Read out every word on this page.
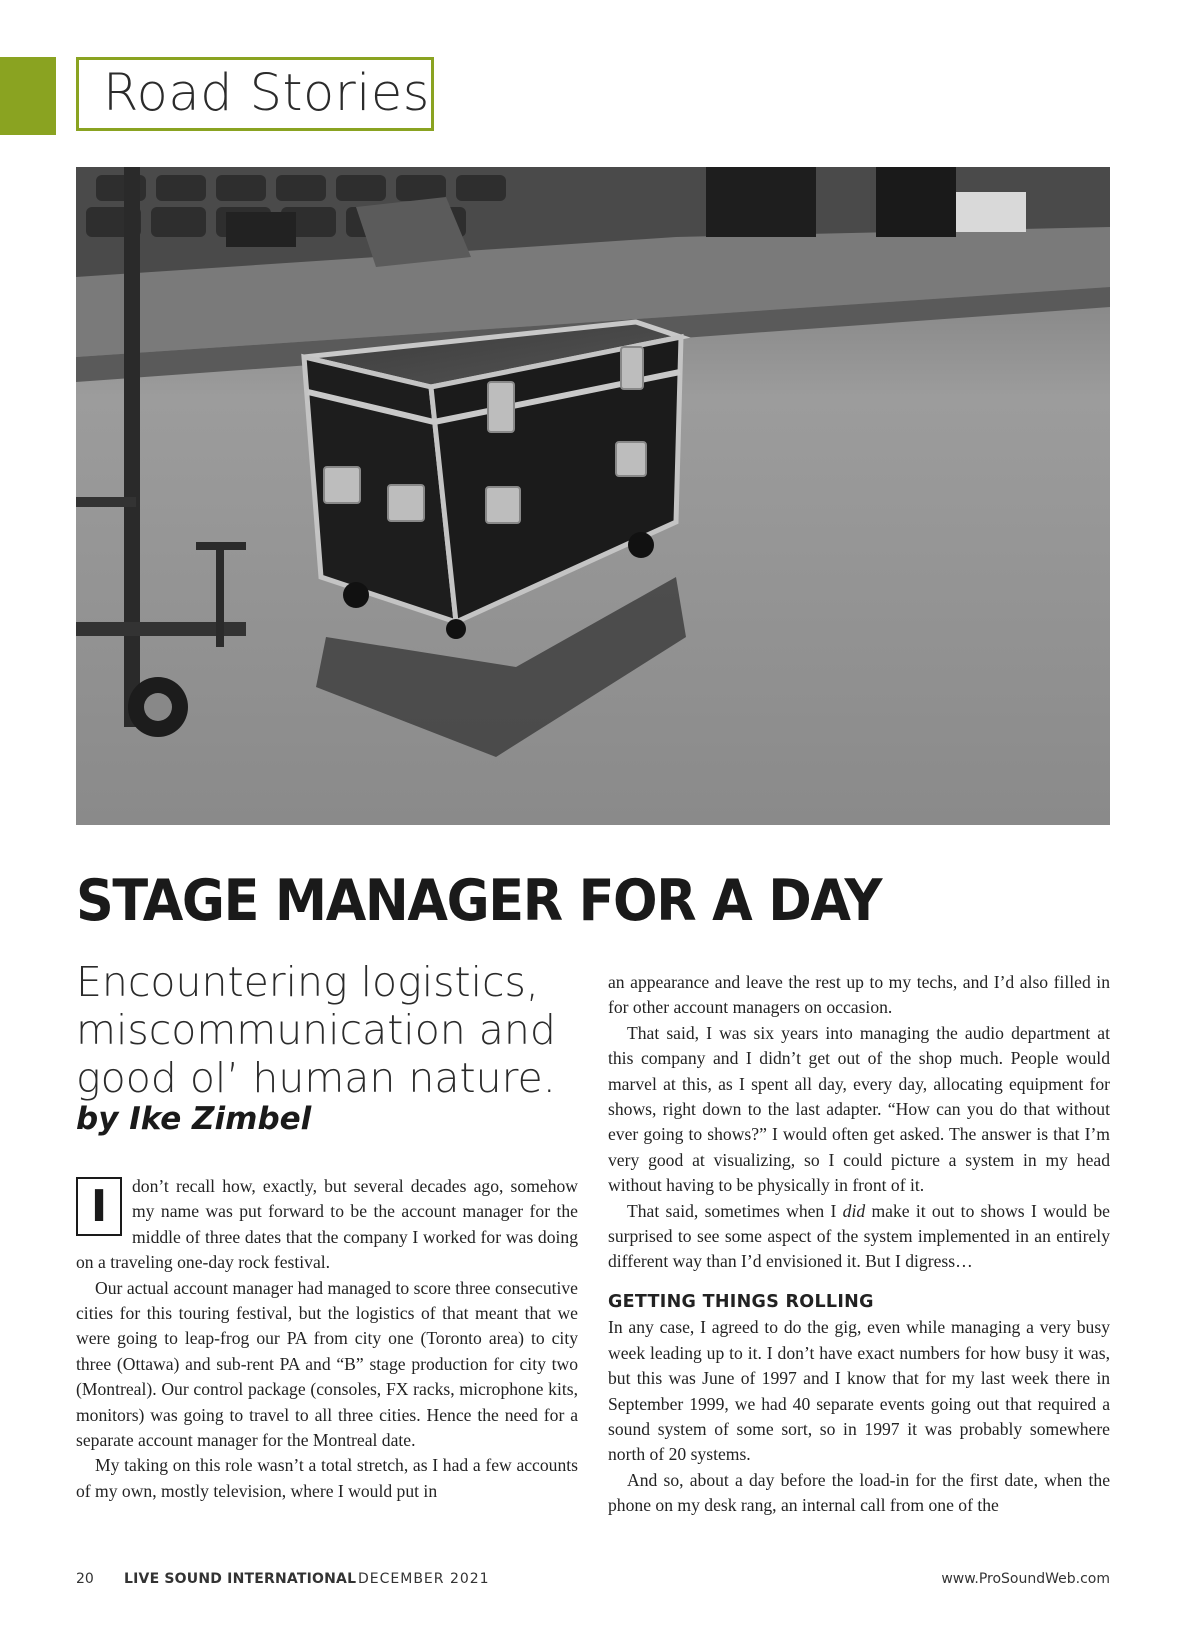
Road Stories
STAGE MANAGER FOR A DAY

Encountering logistics, miscommunication and good ol’ human nature.

by Ike Zimbel

I don’t recall how, exactly, but several decades ago, somehow my name was put forward to be the account manager for the middle of three dates that the company I worked for was doing on a traveling one-day rock festival.

Our actual account manager had managed to score three consecutive cities for this touring festival, but the logistics of that meant that we were going to leap-frog our PA from city one (Toronto area) to city three (Ottawa) and sub-rent PA and “B” stage production for city two (Montreal). Our control package (consoles, FX racks, microphone kits, monitors) was going to travel to all three cities. Hence the need for a separate account manager for the Montreal date.

My taking on this role wasn’t a total stretch, as I had a few accounts of my own, mostly television, where I would put in

an appearance and leave the rest up to my techs, and I’d also filled in for other account managers on occasion.

That said, I was six years into managing the audio department at this company and I didn’t get out of the shop much. People would marvel at this, as I spent all day, every day, allocating equipment for shows, right down to the last adapter. “How can you do that without ever going to shows?” I would often get asked. The answer is that I’m very good at visualizing, so I could picture a system in my head without having to be physically in front of it.

That said, sometimes when I did make it out to shows I would be surprised to see some aspect of the system implemented in an entirely different way than I’d envisioned it. But I digress…

GETTING THINGS ROLLING

In any case, I agreed to do the gig, even while managing a very busy week leading up to it. I don’t have exact numbers for how busy it was, but this was June of 1997 and I know that for my last week there in September 1999, we had 40 separate events going out that required a sound system of some sort, so in 1997 it was probably somewhere north of 20 systems.

And so, about a day before the load-in for the first date, when the phone on my desk rang, an internal call from one of the

20 LIVE SOUND INTERNATIONAL DECEMBER 2021	www.ProSoundWeb.com
